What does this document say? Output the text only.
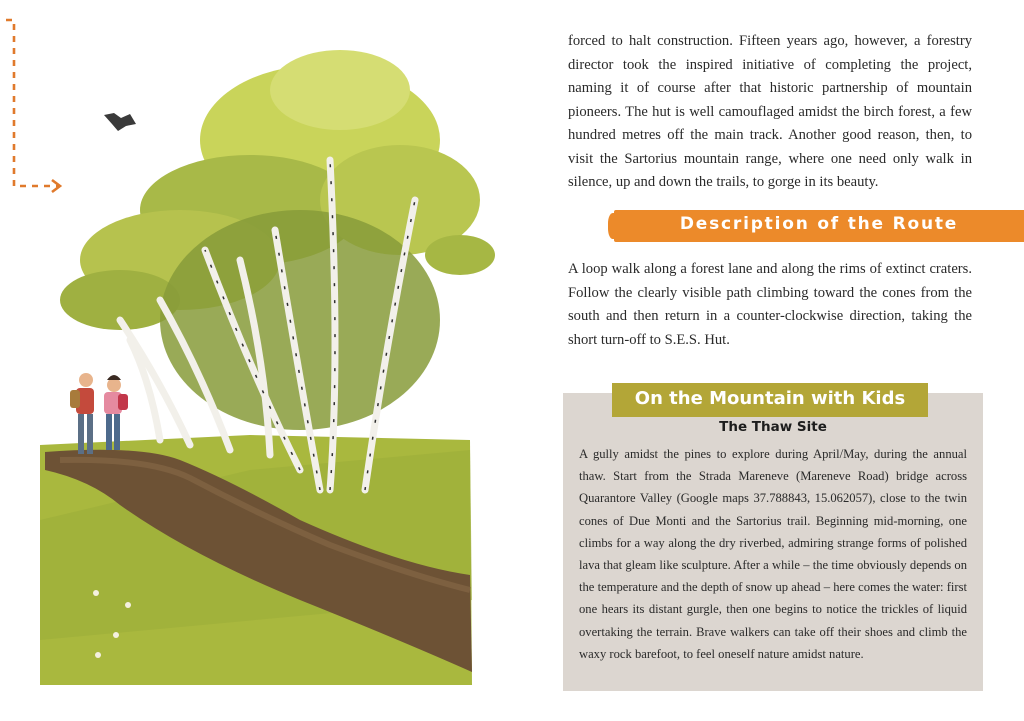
forced to halt construction. Fifteen years ago, however, a forestry director took the inspired initiative of completing the project, naming it of course after that historic partnership of mountain pioneers. The hut is well camouflaged amidst the birch forest, a few hundred metres off the main track. Another good reason, then, to visit the Sartorius mountain range, where one need only walk in silence, up and down the trails, to gorge in its beauty.

Description of the Route

A loop walk along a forest lane and along the rims of extinct craters. Follow the clearly visible path climbing toward the cones from the south and then return in a counter-clockwise direction, taking the short turn-off to S.E.S. Hut.

On the Mountain with Kids
The Thaw Site

A gully amidst the pines to explore during April/May, during the annual thaw. Start from the Strada Mareneve (Mareneve Road) bridge across Quarantore Valley (Google maps 37.788843, 15.062057), close to the twin cones of Due Monti and the Sartorius trail. Beginning mid-morning, one climbs for a way along the dry riverbed, admiring strange forms of polished lava that gleam like sculpture. After a while – the time obviously depends on the temperature and the depth of snow up ahead – here comes the water: first one hears its distant gurgle, then one begins to notice the trickles of liquid overtaking the terrain. Brave walkers can take off their shoes and climb the waxy rock barefoot, to feel oneself nature amidst nature.
